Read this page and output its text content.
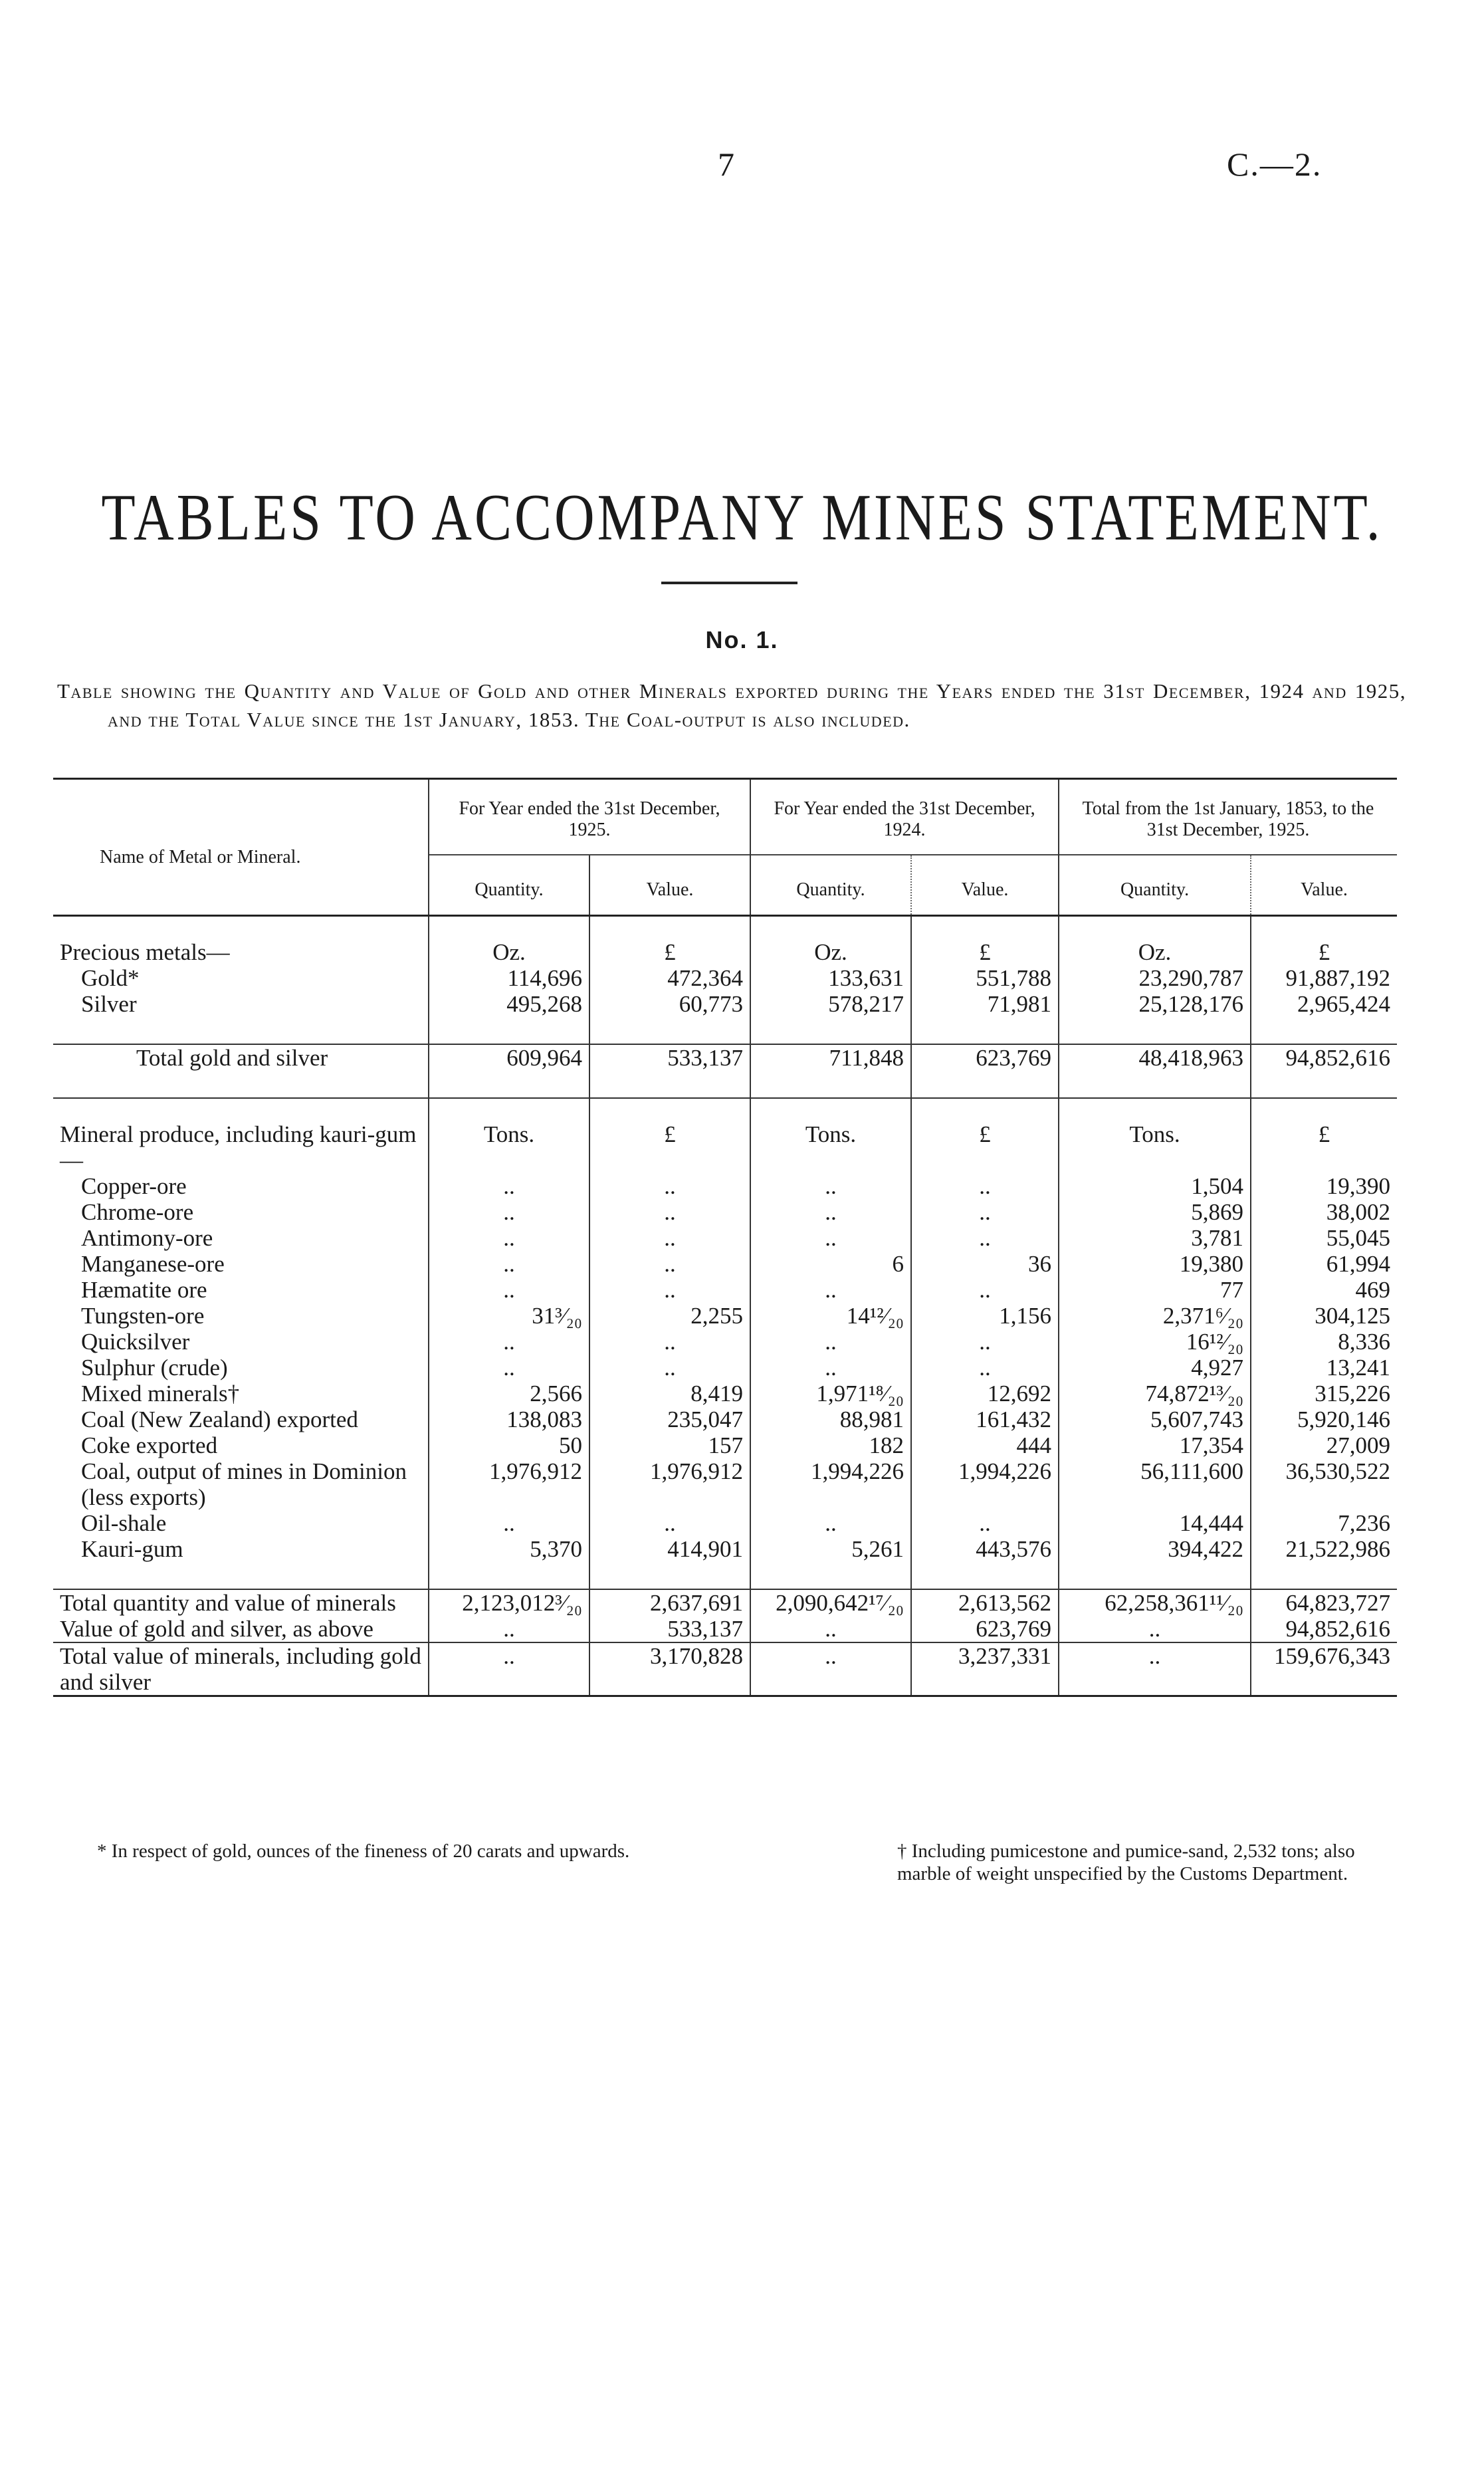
7	C.—2.
TABLES TO ACCOMPANY MINES STATEMENT.
No. 1.

Table showing the Quantity and Value of Gold and other Minerals exported during the Years ended the 31st December, 1924 and 1925, and the Total Value since the 1st January, 1853. The Coal-output is also included.

Name of Metal or Mineral.	For Year ended the 31st December, 1925.		For Year ended the 31st December, 1924.		Total from the 1st January, 1853, to the 31st December, 1925.	
	Quantity.	Value.	Quantity.	Value.	Quantity.	Value.
Precious metals—	Oz.	£	Oz.	£	Oz.	£
Gold*	114,696	472,364	133,631	551,788	23,290,787	91,887,192
Silver	495,268	60,773	578,217	71,981	25,128,176	2,965,424

Total gold and silver	609,964	533,137	711,848	623,769	48,418,963	94,852,616

Mineral produce, including kauri-gum—	Tons.	£	Tons.	£	Tons.	£
Copper-ore	..	..	..	..	1,504	19,390
Chrome-ore	..	..	..	..	5,869	38,002
Antimony-ore	..	..	..	..	3,781	55,045
Manganese-ore	..	..	6	36	19,380	61,994
Hæmatite ore	..	..	..	..	77	469
Tungsten-ore	31³⁄₂₀	2,255	14¹²⁄₂₀	1,156	2,371⁶⁄₂₀	304,125
Quicksilver	..	..	..	..	16¹²⁄₂₀	8,336
Sulphur (crude)	..	..	..	..	4,927	13,241
Mixed minerals†	2,566	8,419	1,971¹⁸⁄₂₀	12,692	74,872¹³⁄₂₀	315,226
Coal (New Zealand) exported	138,083	235,047	88,981	161,432	5,607,743	5,920,146
Coke exported	50	157	182	444	17,354	27,009
Coal, output of mines in Dominion (less exports)	1,976,912	1,976,912	1,994,226	1,994,226	56,111,600	36,530,522
Oil-shale	..	..	..	..	14,444	7,236
Kauri-gum	5,370	414,901	5,261	443,576	394,422	21,522,986

Total quantity and value of minerals	2,123,012³⁄₂₀	2,637,691	2,090,642¹⁷⁄₂₀	2,613,562	62,258,361¹¹⁄₂₀	64,823,727
Value of gold and silver, as above	..	533,137	..	623,769	..	94,852,616
Total value of minerals, including gold and silver	..	3,170,828	..	3,237,331	..	159,676,343
* In respect of gold, ounces of the fineness of 20 carats and upwards.	† Including pumicestone and pumice-sand, 2,532 tons; also marble of weight unspecified by the Customs Department.
